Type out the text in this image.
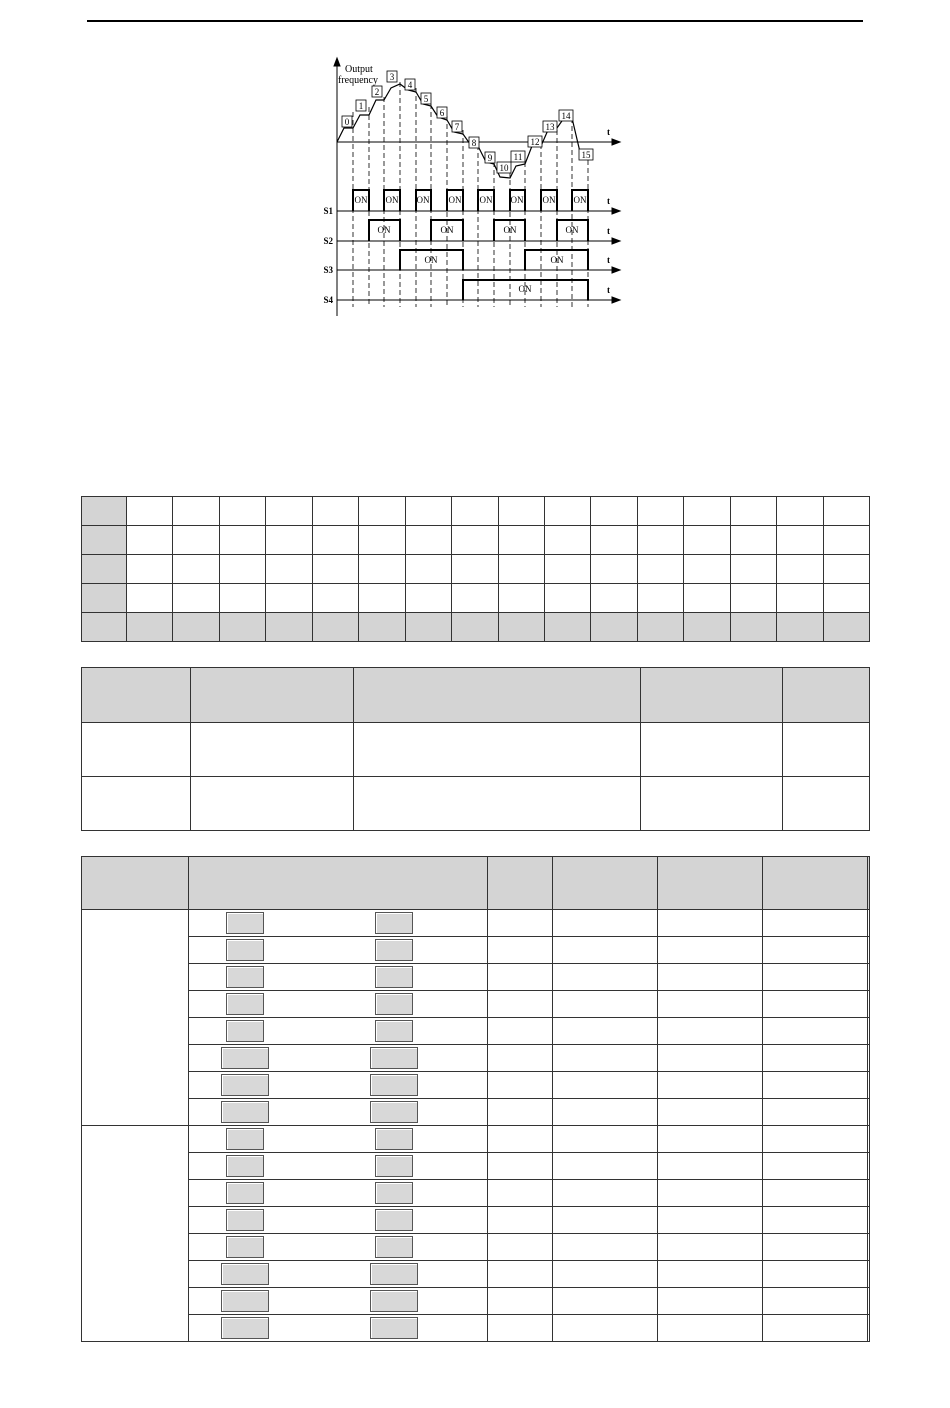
0
1
2
3
4
5
6
7
8
9
10
11
12
13
14
15
Output
frequency
t
t
t
t
t
S1
S2
S3
S4
ON ON ON ON ON ON ON ON
ON	ON	ON	ON
ON	ON
ON
